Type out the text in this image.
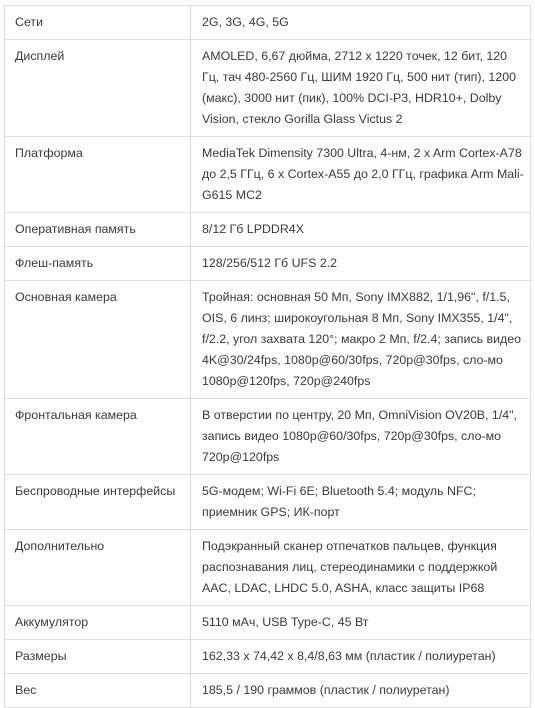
Сети	2G, 3G, 4G, 5G
Дисплей	AMOLED, 6,67 дюйма, 2712 x 1220 точек, 12 бит, 120 Гц, тач 480-2560 Гц, ШИМ 1920 Гц, 500 нит (тип), 1200 (макс), 3000 нит (пик), 100% DCI-P3, HDR10+, Dolby Vision, стекло Gorilla Glass Victus 2
Платформа	MediaTek Dimensity 7300 Ultra, 4-нм, 2 x Arm Cortex-A78 до 2,5 ГГц, 6 x Cortex-A55 до 2,0 ГГц, графика Arm Mali-G615 MC2
Оперативная память	8/12 Гб LPDDR4X
Флеш-память	128/256/512 Гб UFS 2.2
Основная камера	Тройная: основная 50 Мп, Sony IMX882, 1/1,96", f/1.5, OIS, 6 линз; широкоугольная 8 Мп, Sony IMX355, 1/4", f/2.2, угол захвата 120°; макро 2 Мп, f/2.4; запись видео 4K@30/24fps, 1080p@60/30fps, 720p@30fps, сло-мо 1080p@120fps, 720p@240fps
Фронтальная камера	В отверстии по центру, 20 Мп, OmniVision OV20B, 1/4", запись видео 1080p@60/30fps, 720p@30fps, сло-мо 720p@120fps
Беспроводные интерфейсы	5G-модем; Wi-Fi 6E; Bluetooth 5.4; модуль NFC; приемник GPS; ИК-порт
Дополнительно	Подэкранный сканер отпечатков пальцев, функция распознавания лиц, стереодинамики с поддержкой AAC, LDAC, LHDC 5.0, ASHA, класс защиты IP68
Аккумулятор	5110 мАч, USB Type-C, 45 Вт
Размеры	162,33 x 74,42 x 8,4/8,63 мм (пластик / полиуретан)
Вес	185,5 / 190 граммов (пластик / полиуретан)
